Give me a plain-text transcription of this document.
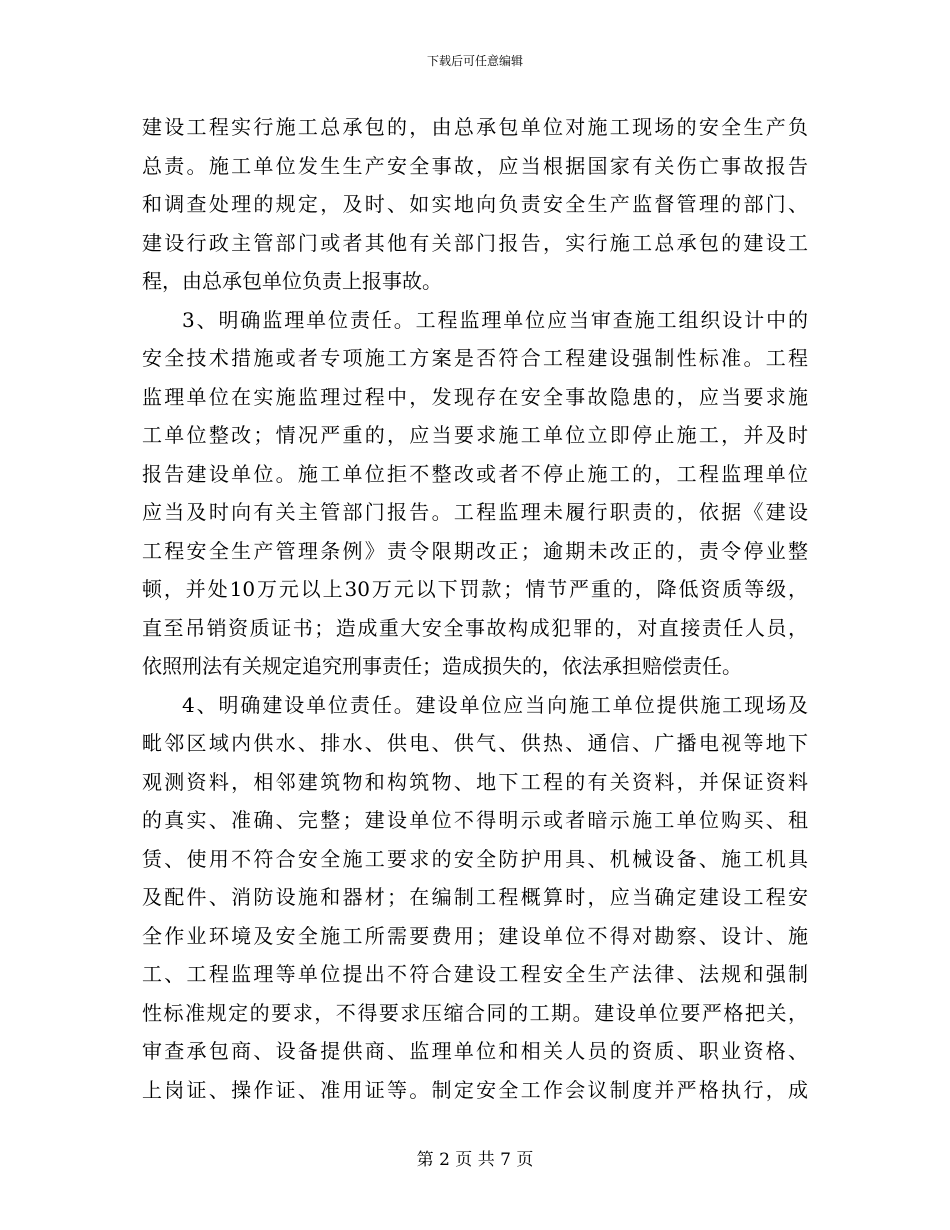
下载后可任意编辑
建设工程实行施工总承包的，由总承包单位对施工现场的安全生产负
总责。施工单位发生生产安全事故，应当根据国家有关伤亡事故报告
和调查处理的规定，及时、如实地向负责安全生产监督管理的部门、
建设行政主管部门或者其他有关部门报告，实行施工总承包的建设工
程，由总承包单位负责上报事故。
3、明确监理单位责任。工程监理单位应当审查施工组织设计中的
安全技术措施或者专项施工方案是否符合工程建设强制性标准。工程
监理单位在实施监理过程中，发现存在安全事故隐患的，应当要求施
工单位整改；情况严重的，应当要求施工单位立即停止施工，并及时
报告建设单位。施工单位拒不整改或者不停止施工的，工程监理单位
应当及时向有关主管部门报告。工程监理未履行职责的，依据《建设
工程安全生产管理条例》责令限期改正；逾期未改正的，责令停业整
顿，并处10万元以上30万元以下罚款；情节严重的，降低资质等级，
直至吊销资质证书；造成重大安全事故构成犯罪的，对直接责任人员，
依照刑法有关规定追究刑事责任；造成损失的，依法承担赔偿责任。
4、明确建设单位责任。建设单位应当向施工单位提供施工现场及
毗邻区域内供水、排水、供电、供气、供热、通信、广播电视等地下
观测资料，相邻建筑物和构筑物、地下工程的有关资料，并保证资料
的真实、准确、完整；建设单位不得明示或者暗示施工单位购买、租
赁、使用不符合安全施工要求的安全防护用具、机械设备、施工机具
及配件、消防设施和器材；在编制工程概算时，应当确定建设工程安
全作业环境及安全施工所需要费用；建设单位不得对勘察、设计、施
工、工程监理等单位提出不符合建设工程安全生产法律、法规和强制
性标准规定的要求，不得要求压缩合同的工期。建设单位要严格把关，
审查承包商、设备提供商、监理单位和相关人员的资质、职业资格、
上岗证、操作证、准用证等。制定安全工作会议制度并严格执行，成
第 2 页 共 7 页
